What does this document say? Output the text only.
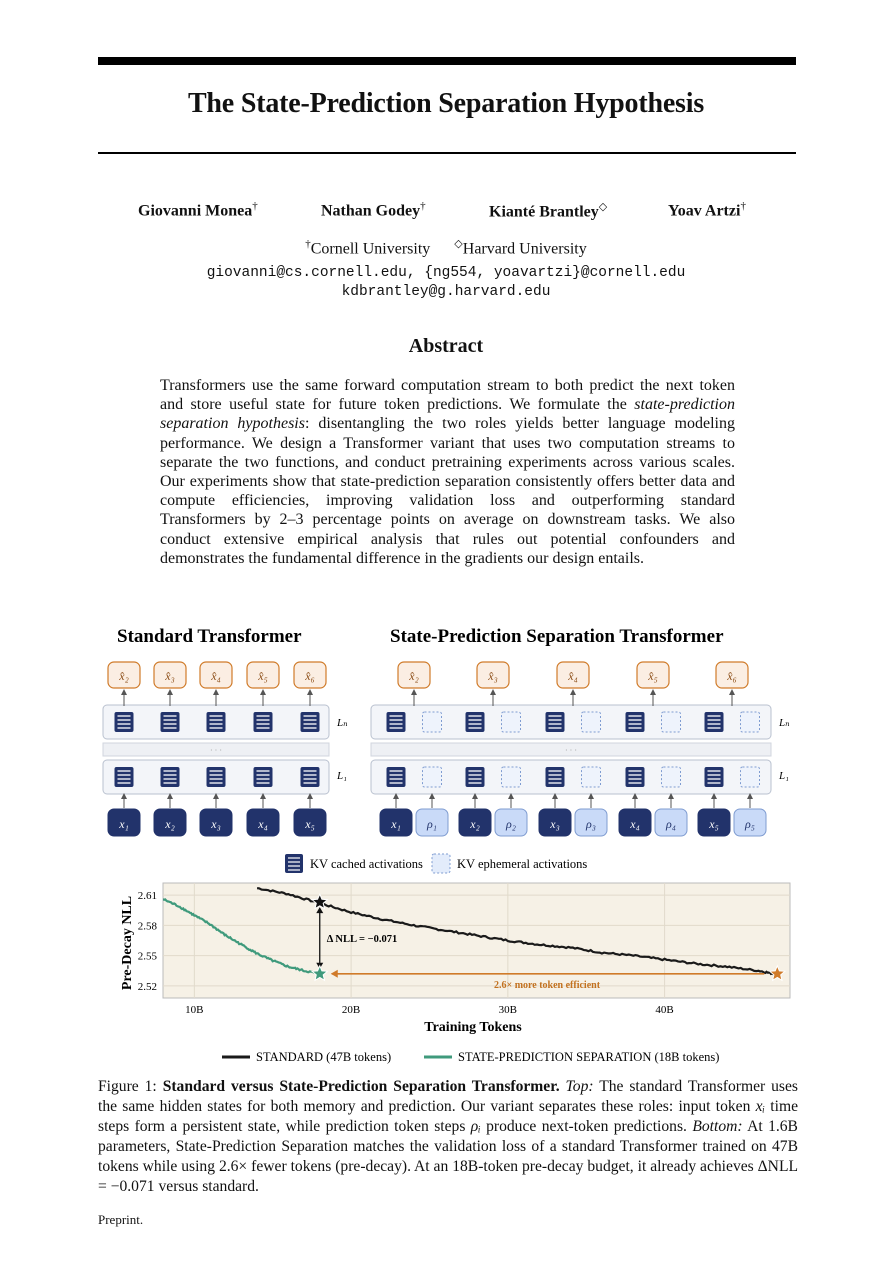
The State-Prediction Separation Hypothesis
Giovanni Monea†	Nathan Godey†	Kianté Brantley◇	Yoav Artzi†
†Cornell University ◇Harvard University
giovanni@cs.cornell.edu, {ng554, yoavartzi}@cornell.edu
kdbrantley@g.harvard.edu
Abstract
Transformers use the same forward computation stream to both predict the next token and store useful state for future token predictions. We formulate the state-prediction separation hypothesis: disentangling the two roles yields better language modeling performance. We design a Transformer variant that uses two computation streams to separate the two functions, and conduct pretraining experiments across various scales. Our experiments show that state-prediction separation consistently offers better data and compute efficiencies, improving validation loss and outperforming standard Transformers by 2–3 percentage points on average on downstream tasks. We also conduct extensive empirical analysis that rules out potential confounders and demonstrates the fundamental difference in the gradients our design entails.
Standard Transformer	State-Prediction Separation Transformer
· · ·
Lₙ
L₁
x̂₂
x₁
x̂₃
x₂
x̂₄
x₃
x̂₅
x₄
x̂₆
x₅
· · ·
Lₙ
L₁
x̂₂
x₁ ρ₁
x̂₃
x₂ ρ₂
x̂₄
x₃ ρ₃
x̂₅
x₄ ρ₄
x̂₆
x₅ ρ₅
KV cached activations	KV ephemeral activations
10B	20B	30B	40B
2.61
2.58
2.55
2.52
Δ NLL = −0.071
2.6× more token efficient
Training Tokens
Pre-Decay NLL
STANDARD (47B tokens)	STATE-PREDICTION SEPARATION (18B tokens)
Figure 1: Standard versus State-Prediction Separation Transformer. Top: The standard Transformer uses the same hidden states for both memory and prediction. Our variant separates these roles: input token xᵢ time steps form a persistent state, while prediction token steps ρᵢ produce next-token predictions. Bottom: At 1.6B parameters, State-Prediction Separation matches the validation loss of a standard Transformer trained on 47B tokens while using 2.6× fewer tokens (pre-decay). At an 18B-token pre-decay budget, it already achieves ΔNLL = −0.071 versus standard.
Preprint.
